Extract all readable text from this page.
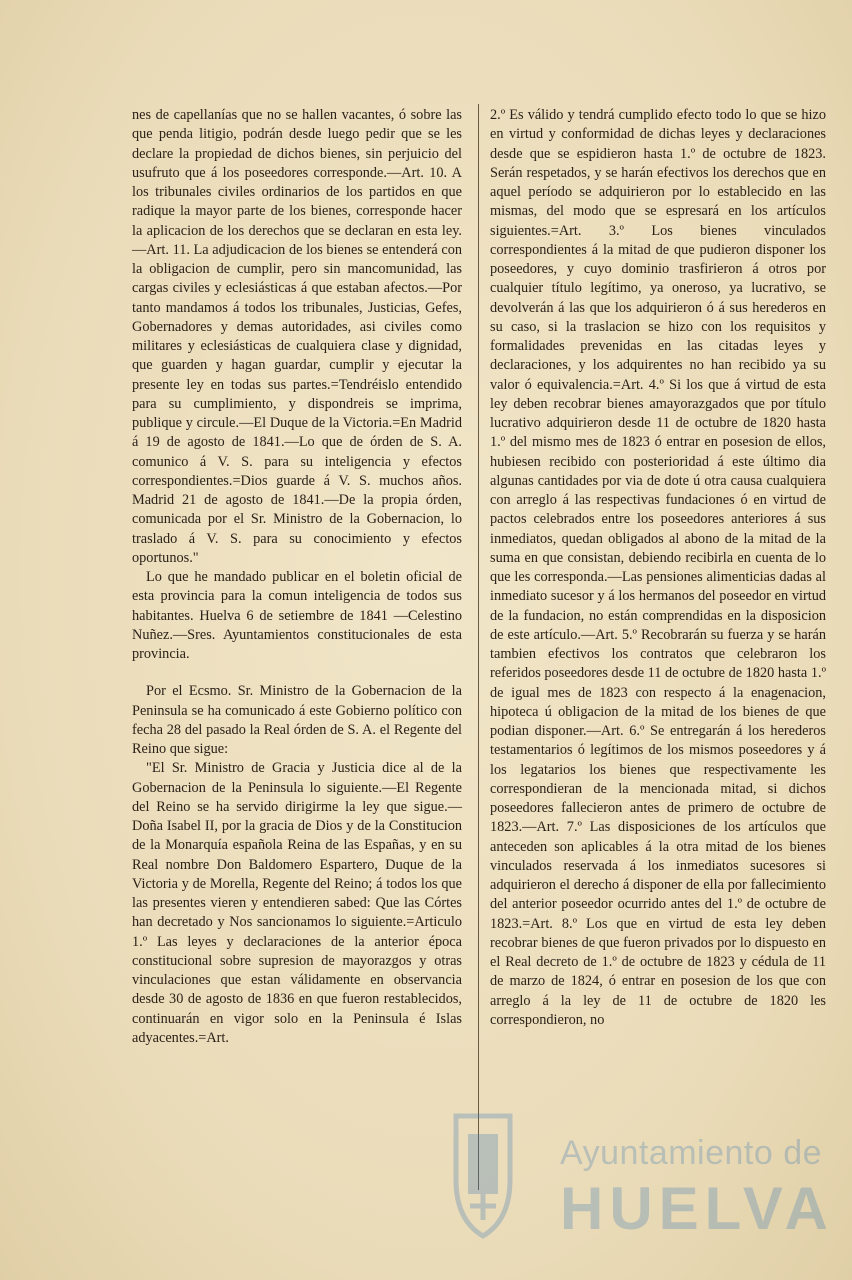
nes de capellanías que no se hallen vacantes, ó sobre las que penda litigio, podrán desde luego pedir que se les declare la propiedad de dichos bienes, sin perjuicio del usufruto que á los poseedores corresponde.—Art. 10. A los tribunales civiles ordinarios de los partidos en que radique la mayor parte de los bienes, corresponde hacer la aplicacion de los derechos que se declaran en esta ley.—Art. 11. La adjudicacion de los bienes se entenderá con la obligacion de cumplir, pero sin mancomunidad, las cargas civiles y eclesiásticas á que estaban afectos.—Por tanto mandamos á todos los tribunales, Justicias, Gefes, Gobernadores y demas autoridades, asi civiles como militares y eclesiásticas de cualquiera clase y dignidad, que guarden y hagan guardar, cumplir y ejecutar la presente ley en todas sus partes.=Tendréislo entendido para su cumplimiento, y dispondreis se imprima, publique y circule.—El Duque de la Victoria.=En Madrid á 19 de agosto de 1841.—Lo que de órden de S. A. comunico á V. S. para su inteligencia y efectos correspondientes.=Dios guarde á V. S. muchos años. Madrid 21 de agosto de 1841.—De la propia órden, comunicada por el Sr. Ministro de la Gobernacion, lo traslado á V. S. para su conocimiento y efectos oportunos."

Lo que he mandado publicar en el boletin oficial de esta provincia para la comun inteligencia de todos sus habitantes. Huelva 6 de setiembre de 1841 —Celestino Nuñez.—Sres. Ayuntamientos constitucionales de esta provincia.

Por el Ecsmo. Sr. Ministro de la Gobernacion de la Peninsula se ha comunicado á este Gobierno político con fecha 28 del pasado la Real órden de S. A. el Regente del Reino que sigue:

"El Sr. Ministro de Gracia y Justicia dice al de la Gobernacion de la Peninsula lo siguiente.—El Regente del Reino se ha servido dirigirme la ley que sigue.—Doña Isabel II, por la gracia de Dios y de la Constitucion de la Monarquía española Reina de las Españas, y en su Real nombre Don Baldomero Espartero, Duque de la Victoria y de Morella, Regente del Reino; á todos los que las presentes vieren y entendieren sabed: Que las Córtes han decretado y Nos sancionamos lo siguiente.=Articulo 1.º Las leyes y declaraciones de la anterior época constitucional sobre supresion de mayorazgos y otras vinculaciones que estan válidamente en observancia desde 30 de agosto de 1836 en que fueron restablecidos, continuarán en vigor solo en la Peninsula é Islas adyacentes.=Art.

2.º Es válido y tendrá cumplido efecto todo lo que se hizo en virtud y conformidad de dichas leyes y declaraciones desde que se espidieron hasta 1.º de octubre de 1823. Serán respetados, y se harán efectivos los derechos que en aquel período se adquirieron por lo establecido en las mismas, del modo que se espresará en los artículos siguientes.=Art. 3.º Los bienes vinculados correspondientes á la mitad de que pudieron disponer los poseedores, y cuyo dominio trasfirieron á otros por cualquier título legítimo, ya oneroso, ya lucrativo, se devolverán á las que los adquirieron ó á sus herederos en su caso, si la traslacion se hizo con los requisitos y formalidades prevenidas en las citadas leyes y declaraciones, y los adquirentes no han recibido ya su valor ó equivalencia.=Art. 4.º Si los que á virtud de esta ley deben recobrar bienes amayorazgados que por título lucrativo adquirieron desde 11 de octubre de 1820 hasta 1.º del mismo mes de 1823 ó entrar en posesion de ellos, hubiesen recibido con posterioridad á este último dia algunas cantidades por via de dote ú otra causa cualquiera con arreglo á las respectivas fundaciones ó en virtud de pactos celebrados entre los poseedores anteriores á sus inmediatos, quedan obligados al abono de la mitad de la suma en que consistan, debiendo recibirla en cuenta de lo que les corresponda.—Las pensiones alimenticias dadas al inmediato sucesor y á los hermanos del poseedor en virtud de la fundacion, no están comprendidas en la disposicion de este artículo.—Art. 5.º Recobrarán su fuerza y se harán tambien efectivos los contratos que celebraron los referidos poseedores desde 11 de octubre de 1820 hasta 1.º de igual mes de 1823 con respecto á la enagenacion, hipoteca ú obligacion de la mitad de los bienes de que podian disponer.—Art. 6.º Se entregarán á los herederos testamentarios ó legítimos de los mismos poseedores y á los legatarios los bienes que respectivamente les correspondieran de la mencionada mitad, si dichos poseedores fallecieron antes de primero de octubre de 1823.—Art. 7.º Las disposiciones de los artículos que anteceden son aplicables á la otra mitad de los bienes vinculados reservada á los inmediatos sucesores si adquirieron el derecho á disponer de ella por fallecimiento del anterior poseedor ocurrido antes del 1.º de octubre de 1823.=Art. 8.º Los que en virtud de esta ley deben recobrar bienes de que fueron privados por lo dispuesto en el Real decreto de 1.º de octubre de 1823 y cédula de 11 de marzo de 1824, ó entrar en posesion de los que con arreglo á la ley de 11 de octubre de 1820 les correspondieron, no

Ayuntamiento de
HUELVA
